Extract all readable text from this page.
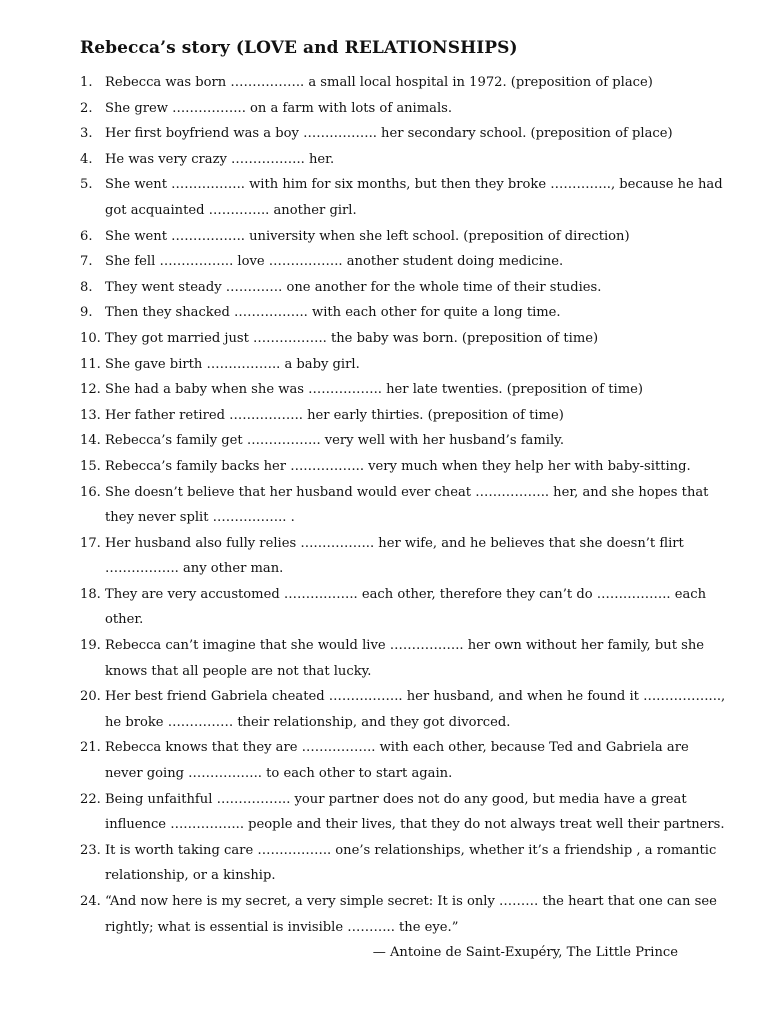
Rebecca’s story (LOVE and RELATIONSHIPS)
1. Rebecca was born …………….. a small local hospital in 1972. (preposition of place)
2. She grew …………….. on a farm with lots of animals.
3. Her first boyfriend was a boy …………….. her secondary school. (preposition of place)
4. He was very crazy …………….. her.
5. She went …………….. with him for six months, but then they broke ………….., because he had got acquainted ………….. another girl.
6. She went …………….. university when she left school. (preposition of direction)
7. She fell …………….. love …………….. another student doing medicine.
8. They went steady …………. one another for the whole time of their studies.
9. Then they shacked …………….. with each other for quite a long time.
10. They got married just …………….. the baby was born. (preposition of time)
11. She gave birth …………….. a baby girl.
12. She had a baby when she was …………….. her late twenties. (preposition of time)
13. Her father retired …………….. her early thirties. (preposition of time)
14. Rebecca’s family get …………….. very well with her husband’s family.
15. Rebecca’s family backs her …………….. very much when they help her with baby-sitting.
16. She doesn’t believe that her husband would ever cheat …………….. her, and she hopes that they never split …………….. .
17. Her husband also fully relies …………….. her wife, and he believes that she doesn’t flirt …………….. any other man.
18. They are very accustomed …………….. each other, therefore they can’t do …………….. each other.
19. Rebecca can’t imagine that she would live …………….. her own without her family, but she knows that all people are not that lucky.
20. Her best friend Gabriela cheated …………….. her husband, and when he found it ……………..., he broke …………… their relationship, and they got divorced.
21. Rebecca knows that they are …………….. with each other, because Ted and Gabriela are never going …………….. to each other to start again.
22. Being unfaithful …………….. your partner does not do any good, but media have a great influence …………….. people and their lives, that they do not always treat well their partners.
23. It is worth taking care …………….. one’s relationships, whether it’s a friendship , a romantic relationship, or a kinship.
24. “And now here is my secret, a very simple secret: It is only ……… the heart that one can see rightly; what is essential is invisible ……….. the eye.”
— Antoine de Saint-Exupéry, The Little Prince
